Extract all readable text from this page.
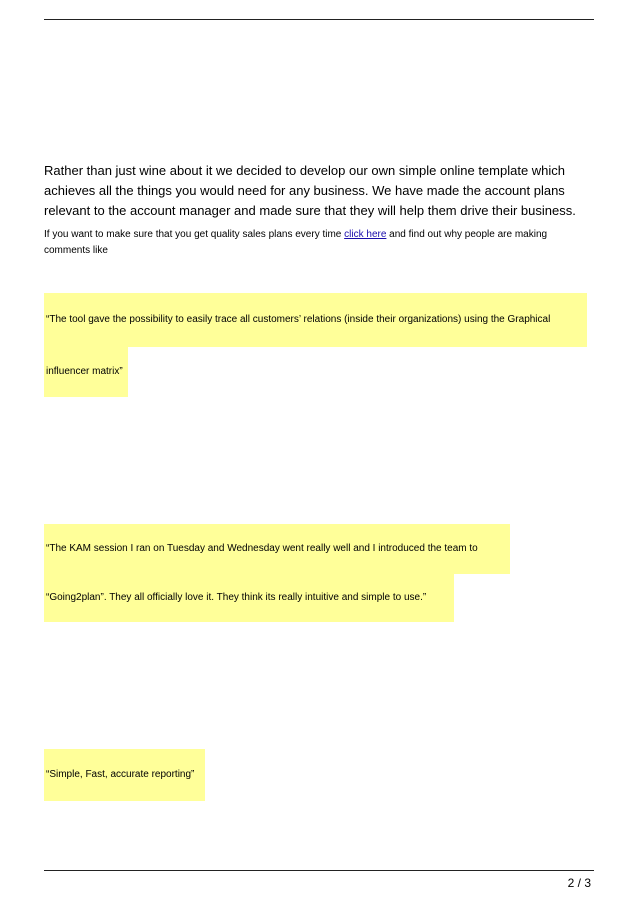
Rather than just wine about it we decided to develop our own simple online template which achieves all the things you would need for any business. We have made the account plans relevant to the account manager and made sure that they will help them drive their business.

If you want to make sure that you get quality sales plans every time click here and find out why people are making comments like

“The tool gave the possibility to easily trace all customers’ relations (inside their organizations) using the Graphical
influencer matrix”
“The KAM session I ran on Tuesday and Wednesday went really well and I introduced the team to
“Going2plan”. They all officially love it. They think its really intuitive and simple to use.”
“Simple, Fast, accurate reporting”
2 / 3
